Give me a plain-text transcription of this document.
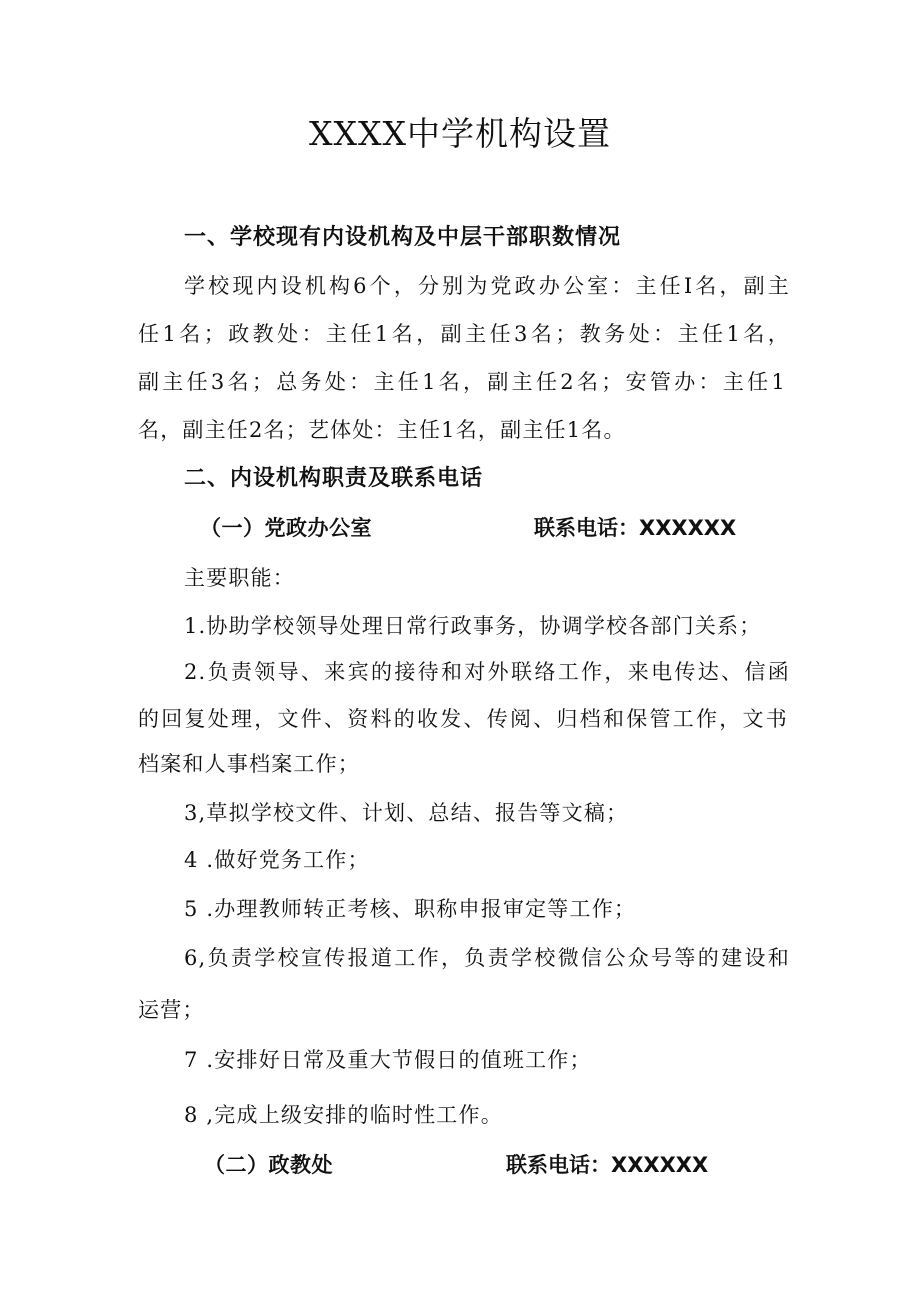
XXXX中学机构设置
一、学校现有内设机构及中层干部职数情况
学校现内设机构6个，分别为党政办公室：主任I名，副主
任1名；政教处：主任1名，副主任3名；教务处：主任1名，
副主任3名；总务处：主任1名，副主任2名；安管办：主任1
名，副主任2名；艺体处：主任1名，副主任1名。
二、内设机构职责及联系电话
（一）党政办公室	联系电话：XXXXXX
主要职能：
1.协助学校领导处理日常行政事务，协调学校各部门关系；
2.负责领导、来宾的接待和对外联络工作，来电传达、信函
的回复处理，文件、资料的收发、传阅、归档和保管工作，文书
档案和人事档案工作；
3,草拟学校文件、计划、总结、报告等文稿；
4 .做好党务工作；
5 .办理教师转正考核、职称申报审定等工作；
6,负责学校宣传报道工作，负责学校微信公众号等的建设和
运营；
7 .安排好日常及重大节假日的值班工作；
8 ,完成上级安排的临时性工作。
（二）政教处	联系电话：XXXXXX
